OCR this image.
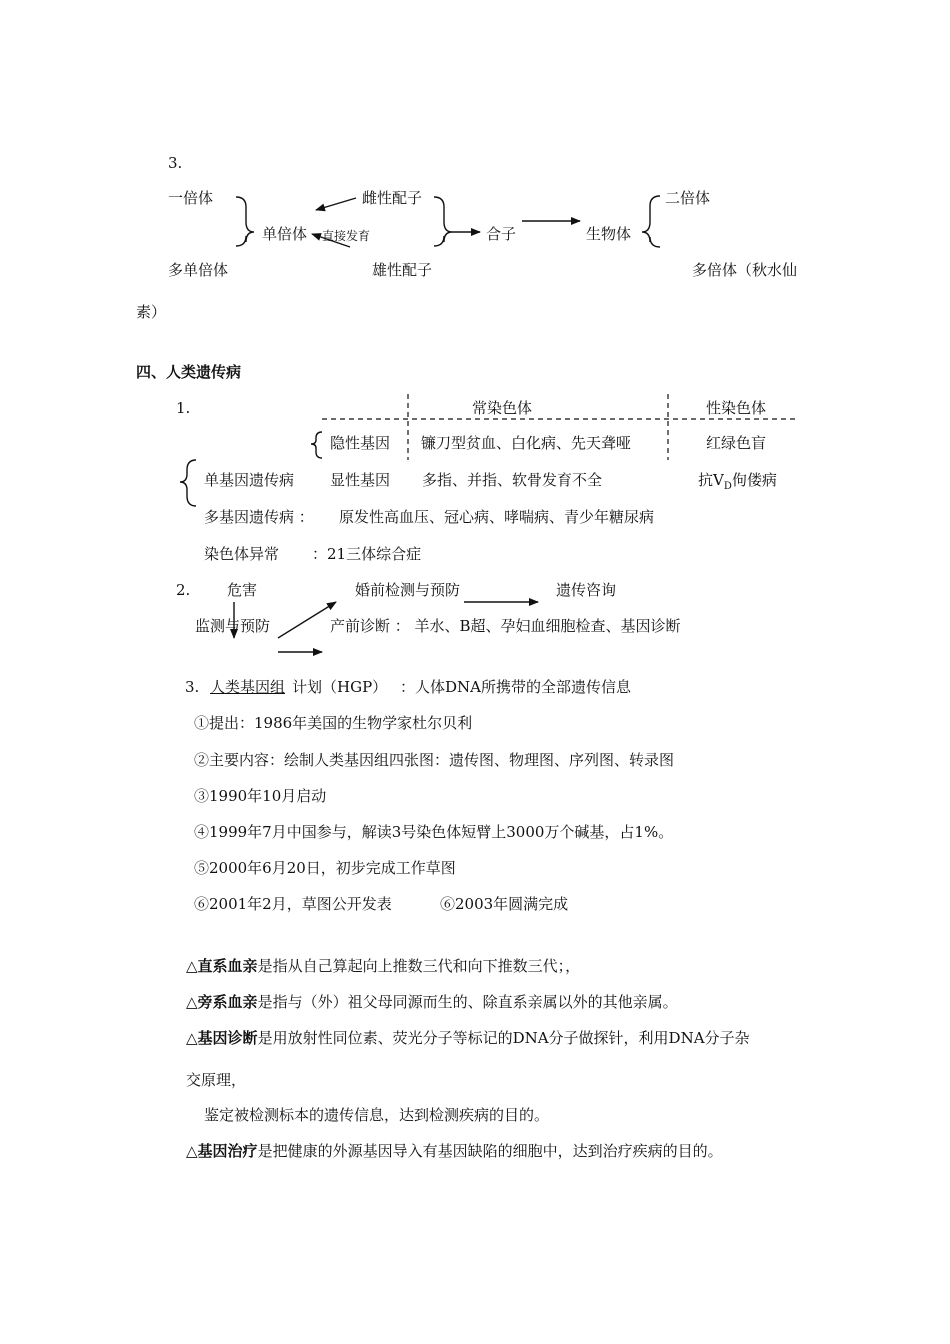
3.
一倍体
多单倍体
单倍体 直接发育
雌性配子
雄性配子
合子	生物体
二倍体
多倍体（秋水仙
素）
四、人类遗传病
1.	常染色体	性染色体
隐性基因 镰刀型贫血、白化病、先天聋哑	红绿色盲
单基因遗传病 显性基因 多指、并指、软骨发育不全	抗$V_D$佝偻病
多基因遗传病 ： 原发性高血压、冠心病、哮喘病、青少年糖尿病
染色体异常 ：21三体综合症
2. 危害	婚前检测与预防	遗传咨询
监测与预防	产前诊断 ： 羊水、B超、孕妇血细胞检查、基因诊断
3. 人类基因组 计划（HGP） ：人体DNA所携带的全部遗传信息
①提出：1986年美国的生物学家杜尔贝利
②主要内容：绘制人类基因组四张图：遗传图、物理图、序列图、转录图
③1990年10月启动
④1999年7月中国参与，解读3号染色体短臂上3000万个碱基，占1%。
⑤2000年6月20日，初步完成工作草图
⑥2001年2月，草图公开发表	⑥2003年圆满完成
△直系血亲是指从自己算起向上推数三代和向下推数三代；，
△旁系血亲是指与（外）祖父母同源而生的、除直系亲属以外的其他亲属。
△基因诊断是用放射性同位素、荧光分子等标记的DNA分子做探针，利用DNA分子杂
交原理，
鉴定被检测标本的遗传信息，达到检测疾病的目的。
△基因治疗是把健康的外源基因导入有基因缺陷的细胞中，达到治疗疾病的目的。
